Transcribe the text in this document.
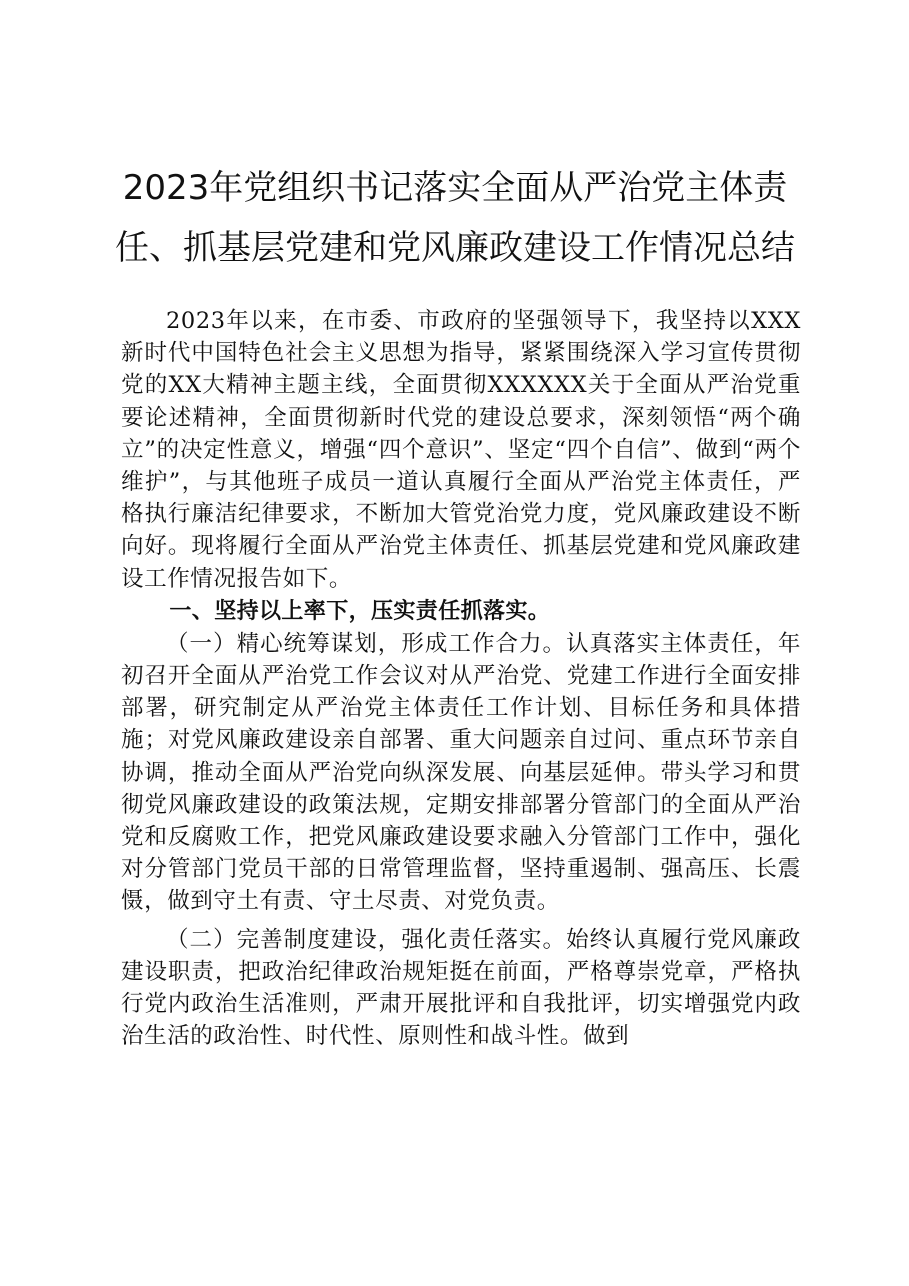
2023年党组织书记落实全面从严治党主体责任、抓基层党建和党风廉政建设工作情况总结

2023年以来，在市委、市政府的坚强领导下，我坚持以XXX新时代中国特色社会主义思想为指导，紧紧围绕深入学习宣传贯彻党的XX大精神主题主线，全面贯彻XXXXXX关于全面从严治党重要论述精神，全面贯彻新时代党的建设总要求，深刻领悟“两个确立”的决定性意义，增强“四个意识”、坚定“四个自信”、做到“两个维护”，与其他班子成员一道认真履行全面从严治党主体责任，严格执行廉洁纪律要求，不断加大管党治党力度，党风廉政建设不断向好。现将履行全面从严治党主体责任、抓基层党建和党风廉政建设工作情况报告如下。

一、坚持以上率下，压实责任抓落实。

（一）精心统筹谋划，形成工作合力。认真落实主体责任，年初召开全面从严治党工作会议对从严治党、党建工作进行全面安排部署，研究制定从严治党主体责任工作计划、目标任务和具体措施；对党风廉政建设亲自部署、重大问题亲自过问、重点环节亲自协调，推动全面从严治党向纵深发展、向基层延伸。带头学习和贯彻党风廉政建设的政策法规，定期安排部署分管部门的全面从严治党和反腐败工作，把党风廉政建设要求融入分管部门工作中，强化对分管部门党员干部的日常管理监督，坚持重遏制、强高压、长震慑，做到守土有责、守土尽责、对党负责。

（二）完善制度建设，强化责任落实。始终认真履行党风廉政建设职责，把政治纪律政治规矩挺在前面，严格尊崇党章，严格执行党内政治生活准则，严肃开展批评和自我批评，切实增强党内政治生活的政治性、时代性、原则性和战斗性。做到
